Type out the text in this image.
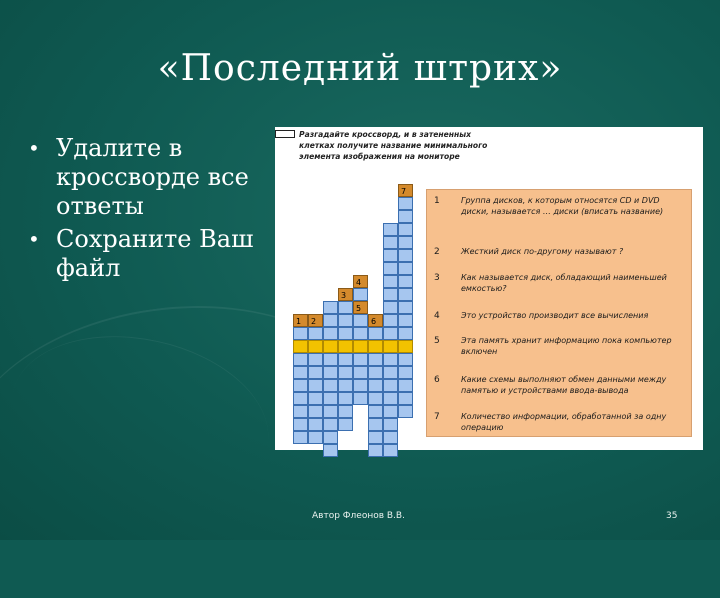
«Последний штрих»
• Удалите в кроссворде все ответы
• Сохраните Ваш файл
Разгадайте кроссворд, и в затененных клетках получите название минимального элемента изображения на мониторе
1 2
3
4
5
6
7
1	Группа дисков, к которым относятся CD и DVD диски, называется … диски (вписать название)
2	Жесткий диск по-другому называют ?
3	Как называется диск, обладающий наименьшей емкостью?
4	Это устройство производит все вычисления
5	Эта память хранит информацию пока компьютер включен
6	Какие схемы выполняют обмен данными между памятью и устройствами ввода-вывода
7	Количество информации, обработанной за одну операцию
Автор Флеонов В.В.	35
